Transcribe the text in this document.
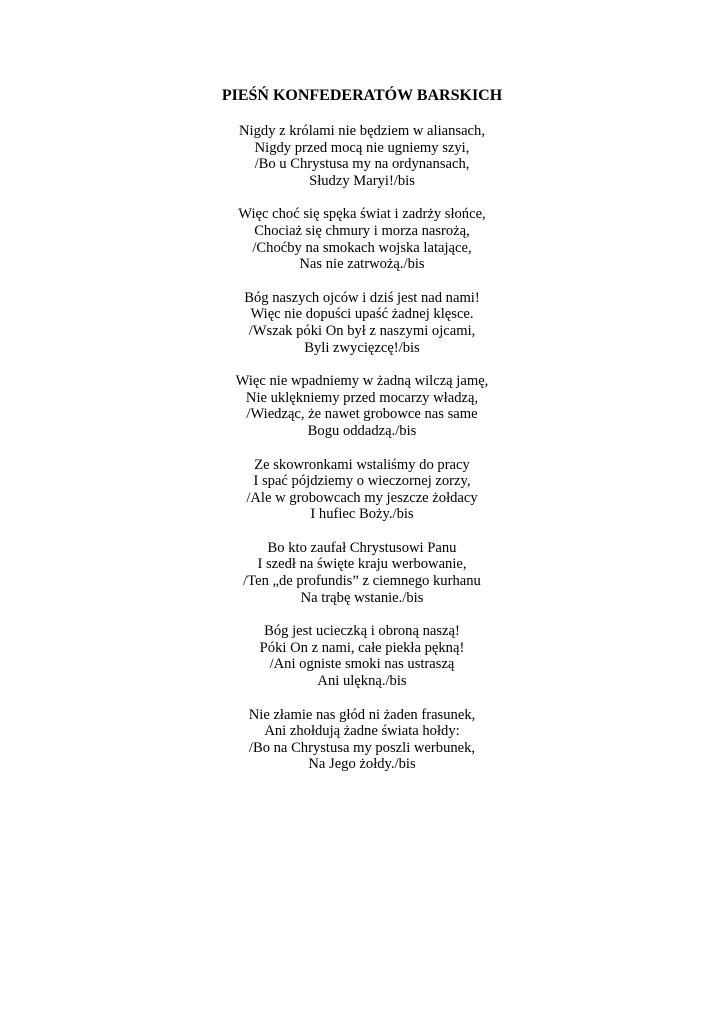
PIEŚŃ KONFEDERATÓW BARSKICH
Nigdy z królami nie będziem w aliansach,
Nigdy przed mocą nie ugniemy szyi,
/Bo u Chrystusa my na ordynansach,
Słudzy Maryi!/bis
Więc choć się spęka świat i zadrży słońce,
Chociaż się chmury i morza nasrożą,
/Choćby na smokach wojska latające,
Nas nie zatrwożą./bis
Bóg naszych ojców i dziś jest nad nami!
Więc nie dopuści upaść żadnej klęsce.
/Wszak póki On był z naszymi ojcami,
Byli zwycięzcę!/bis
Więc nie wpadniemy w żadną wilczą jamę,
Nie uklękniemy przed mocarzy władzą,
/Wiedząc, że nawet grobowce nas same
Bogu oddadzą./bis
Ze skowronkami wstaliśmy do pracy
I spać pójdziemy o wieczornej zorzy,
/Ale w grobowcach my jeszcze żołdacy
I hufiec Boży./bis
Bo kto zaufał Chrystusowi Panu
I szedł na święte kraju werbowanie,
/Ten „de profundis” z ciemnego kurhanu
Na trąbę wstanie./bis
Bóg jest ucieczką i obroną naszą!
Póki On z nami, całe piekła pękną!
/Ani ogniste smoki nas ustraszą
Ani ulękną./bis
Nie złamie nas głód ni żaden frasunek,
Ani zhołdują żadne świata hołdy:
/Bo na Chrystusa my poszli werbunek,
Na Jego żołdy./bis
